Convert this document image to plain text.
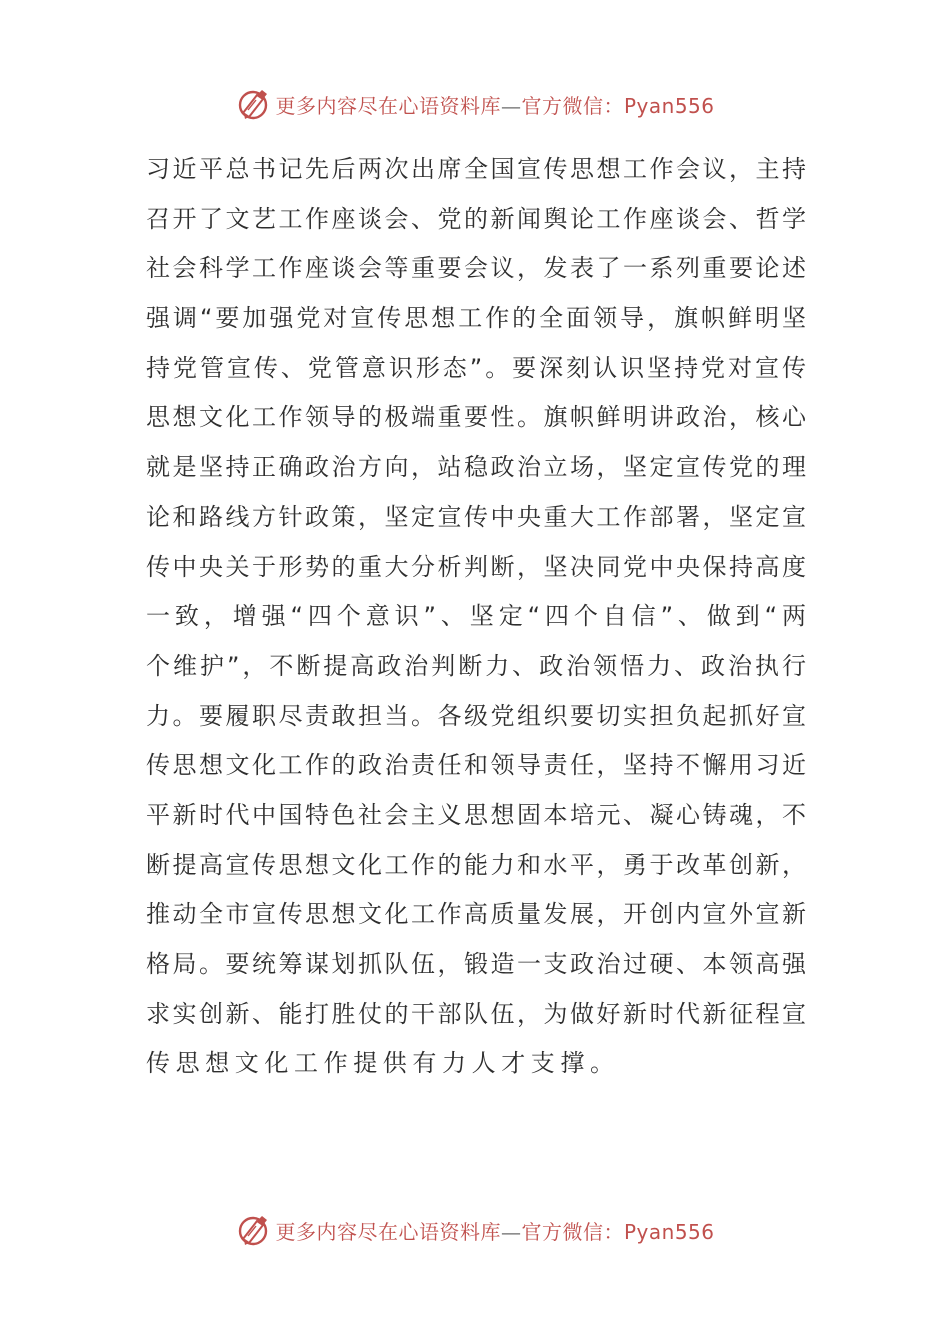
更多内容尽在心语资料库—官方微信：Pyan556
习近平总书记先后两次出席全国宣传思想工作会议，主持
召开了文艺工作座谈会、党的新闻舆论工作座谈会、哲学
社会科学工作座谈会等重要会议，发表了一系列重要论述
强调“要加强党对宣传思想工作的全面领导，旗帜鲜明坚
持党管宣传、党管意识形态”。要深刻认识坚持党对宣传
思想文化工作领导的极端重要性。旗帜鲜明讲政治，核心
就是坚持正确政治方向，站稳政治立场，坚定宣传党的理
论和路线方针政策，坚定宣传中央重大工作部署，坚定宣
传中央关于形势的重大分析判断，坚决同党中央保持高度
一致，增强“四个意识”、坚定“四个自信”、做到“两
个维护”，不断提高政治判断力、政治领悟力、政治执行
力。要履职尽责敢担当。各级党组织要切实担负起抓好宣
传思想文化工作的政治责任和领导责任，坚持不懈用习近
平新时代中国特色社会主义思想固本培元、凝心铸魂，不
断提高宣传思想文化工作的能力和水平，勇于改革创新，
推动全市宣传思想文化工作高质量发展，开创内宣外宣新
格局。要统筹谋划抓队伍，锻造一支政治过硬、本领高强
求实创新、能打胜仗的干部队伍，为做好新时代新征程宣
传思想文化工作提供有力人才支撑。
更多内容尽在心语资料库—官方微信：Pyan556
